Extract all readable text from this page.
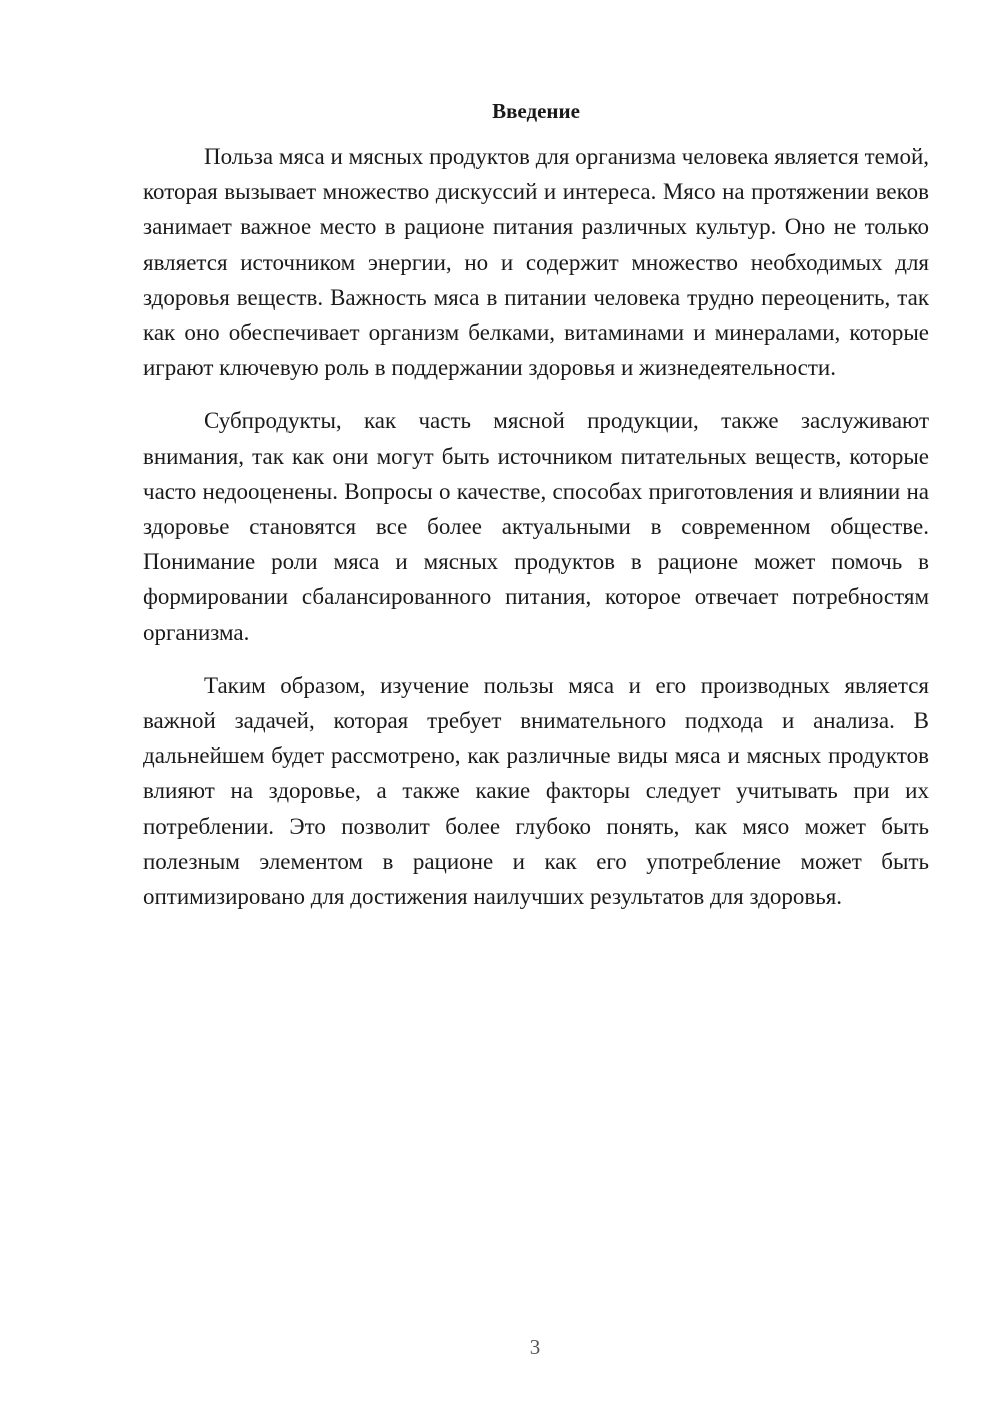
Введение

Польза мяса и мясных продуктов для организма человека является темой, которая вызывает множество дискуссий и интереса. Мясо на протяжении веков занимает важное место в рационе питания различных культур. Оно не только является источником энергии, но и содержит множество необходимых для здоровья веществ. Важность мяса в питании человека трудно переоценить, так как оно обеспечивает организм белками, витаминами и минералами, которые играют ключевую роль в поддержании здоровья и жизнедеятельности.

Субпродукты, как часть мясной продукции, также заслуживают внимания, так как они могут быть источником питательных веществ, которые часто недооценены. Вопросы о качестве, способах приготовления и влиянии на здоровье становятся все более актуальными в современном обществе. Понимание роли мяса и мясных продуктов в рационе может помочь в формировании сбалансированного питания, которое отвечает потребностям организма.

Таким образом, изучение пользы мяса и его производных является важной задачей, которая требует внимательного подхода и анализа. В дальнейшем будет рассмотрено, как различные виды мяса и мясных продуктов влияют на здоровье, а также какие факторы следует учитывать при их потреблении. Это позволит более глубоко понять, как мясо может быть полезным элементом в рационе и как его употребление может быть оптимизировано для достижения наилучших результатов для здоровья.

3
